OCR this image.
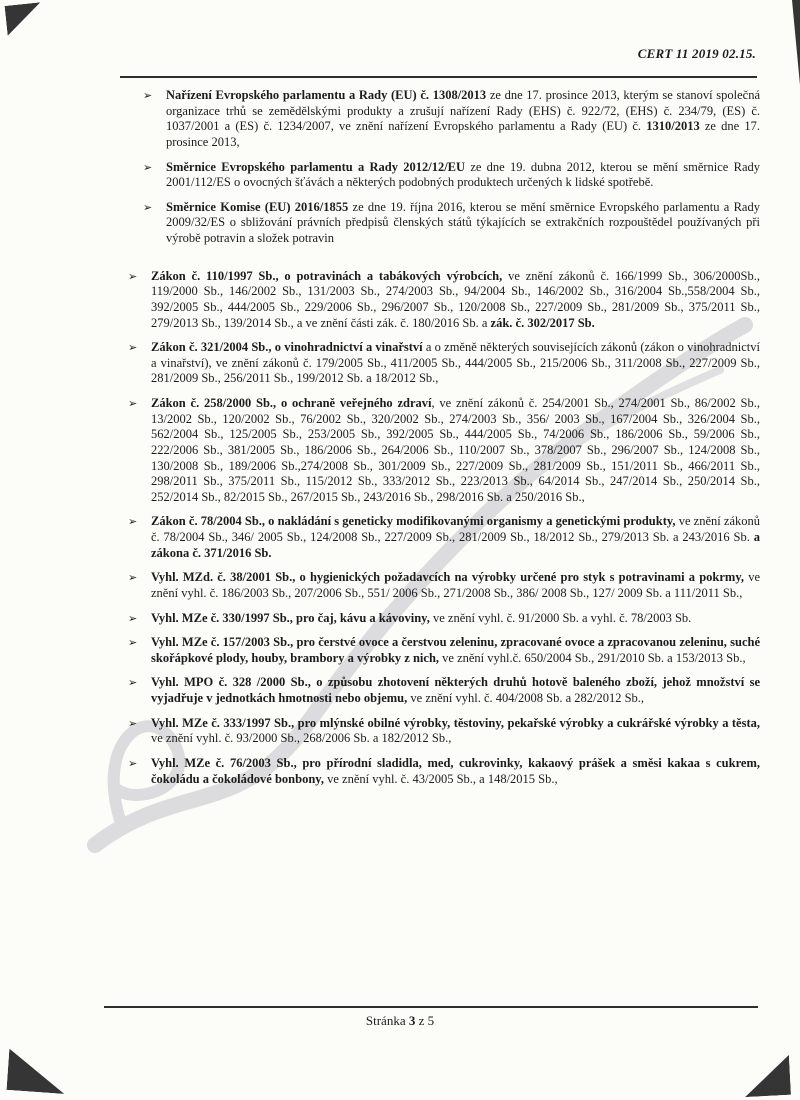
CERT 11 2019 02.15.
➢	Nařízení Evropského parlamentu a Rady (EU) č. 1308/2013 ze dne 17. prosince 2013, kterým se stanoví společná organizace trhů se zemědělskými produkty a zrušují nařízení Rady (EHS) č. 922/72, (EHS) č. 234/79, (ES) č. 1037/2001 a (ES) č. 1234/2007, ve znění nařízení Evropského parlamentu a Rady (EU) č. 1310/2013 ze dne 17. prosince 2013,

➢	Směrnice Evropského parlamentu a Rady 2012/12/EU ze dne 19. dubna 2012, kterou se mění směrnice Rady 2001/112/ES o ovocných šťávách a některých podobných produktech určených k lidské spotřebě.

➢	Směrnice Komise (EU) 2016/1855 ze dne 19. října 2016, kterou se mění směrnice Evropského parlamentu a Rady 2009/32/ES o sbližování právních předpisů členských států týkajících se extrakčních rozpouštědel používaných při výrobě potravin a složek potravin

➢	Zákon č. 110/1997 Sb., o potravinách a tabákových výrobcích, ve znění zákonů č. 166/1999 Sb., 306/2000Sb., 119/2000 Sb., 146/2002 Sb., 131/2003 Sb., 274/2003 Sb., 94/2004 Sb., 146/2002 Sb., 316/2004 Sb.,558/2004 Sb., 392/2005 Sb., 444/2005 Sb., 229/2006 Sb., 296/2007 Sb., 120/2008 Sb., 227/2009 Sb., 281/2009 Sb., 375/2011 Sb., 279/2013 Sb., 139/2014 Sb., a ve znění části zák. č. 180/2016 Sb. a zák. č. 302/2017 Sb.

➢	Zákon č. 321/2004 Sb., o vinohradnictví a vinařství a o změně některých souvisejících zákonů (zákon o vinohradnictví a vinařství), ve znění zákonů č. 179/2005 Sb., 411/2005 Sb., 444/2005 Sb., 215/2006 Sb., 311/2008 Sb., 227/2009 Sb., 281/2009 Sb., 256/2011 Sb., 199/2012 Sb. a 18/2012 Sb.,

➢	Zákon č. 258/2000 Sb., o ochraně veřejného zdraví, ve znění zákonů č. 254/2001 Sb., 274/2001 Sb., 86/2002 Sb., 13/2002 Sb., 120/2002 Sb., 76/2002 Sb., 320/2002 Sb., 274/2003 Sb., 356/ 2003 Sb., 167/2004 Sb., 326/2004 Sb., 562/2004 Sb., 125/2005 Sb., 253/2005 Sb., 392/2005 Sb., 444/2005 Sb., 74/2006 Sb., 186/2006 Sb., 59/2006 Sb., 222/2006 Sb., 381/2005 Sb., 186/2006 Sb., 264/2006 Sb., 110/2007 Sb., 378/2007 Sb., 296/2007 Sb., 124/2008 Sb., 130/2008 Sb., 189/2006 Sb.,274/2008 Sb., 301/2009 Sb., 227/2009 Sb., 281/2009 Sb., 151/2011 Sb., 466/2011 Sb., 298/2011 Sb., 375/2011 Sb., 115/2012 Sb., 333/2012 Sb., 223/2013 Sb., 64/2014 Sb., 247/2014 Sb., 250/2014 Sb., 252/2014 Sb., 82/2015 Sb., 267/2015 Sb., 243/2016 Sb., 298/2016 Sb. a 250/2016 Sb.,

➢	Zákon č. 78/2004 Sb., o nakládání s geneticky modifikovanými organismy a genetickými produkty, ve znění zákonů č. 78/2004 Sb., 346/ 2005 Sb., 124/2008 Sb., 227/2009 Sb., 281/2009 Sb., 18/2012 Sb., 279/2013 Sb. a 243/2016 Sb. a zákona č. 371/2016 Sb.

➢	Vyhl. MZd. č. 38/2001 Sb., o hygienických požadavcích na výrobky určené pro styk s potravinami a pokrmy, ve znění vyhl. č. 186/2003 Sb., 207/2006 Sb., 551/ 2006 Sb., 271/2008 Sb., 386/ 2008 Sb., 127/ 2009 Sb. a 111/2011 Sb.,

➢	Vyhl. MZe č. 330/1997 Sb., pro čaj, kávu a kávoviny, ve znění vyhl. č. 91/2000 Sb. a vyhl. č. 78/2003 Sb.

➢	Vyhl. MZe č. 157/2003 Sb., pro čerstvé ovoce a čerstvou zeleninu, zpracované ovoce a zpracovanou zeleninu, suché skořápkové plody, houby, brambory a výrobky z nich, ve znění vyhl.č. 650/2004 Sb., 291/2010 Sb. a 153/2013 Sb.,

➢	Vyhl. MPO č. 328 /2000 Sb., o způsobu zhotovení některých druhů hotově baleného zboží, jehož množství se vyjadřuje v jednotkách hmotnosti nebo objemu, ve znění vyhl. č. 404/2008 Sb. a 282/2012 Sb.,

➢	Vyhl. MZe č. 333/1997 Sb., pro mlýnské obilné výrobky, těstoviny, pekařské výrobky a cukrářské výrobky a těsta, ve znění vyhl. č. 93/2000 Sb., 268/2006 Sb. a 182/2012 Sb.,

➢	Vyhl. MZe č. 76/2003 Sb., pro přírodní sladidla, med, cukrovinky, kakaový prášek a směsi kakaa s cukrem, čokoládu a čokoládové bonbony, ve znění vyhl. č. 43/2005 Sb., a 148/2015 Sb.,

Stránka 3 z 5
